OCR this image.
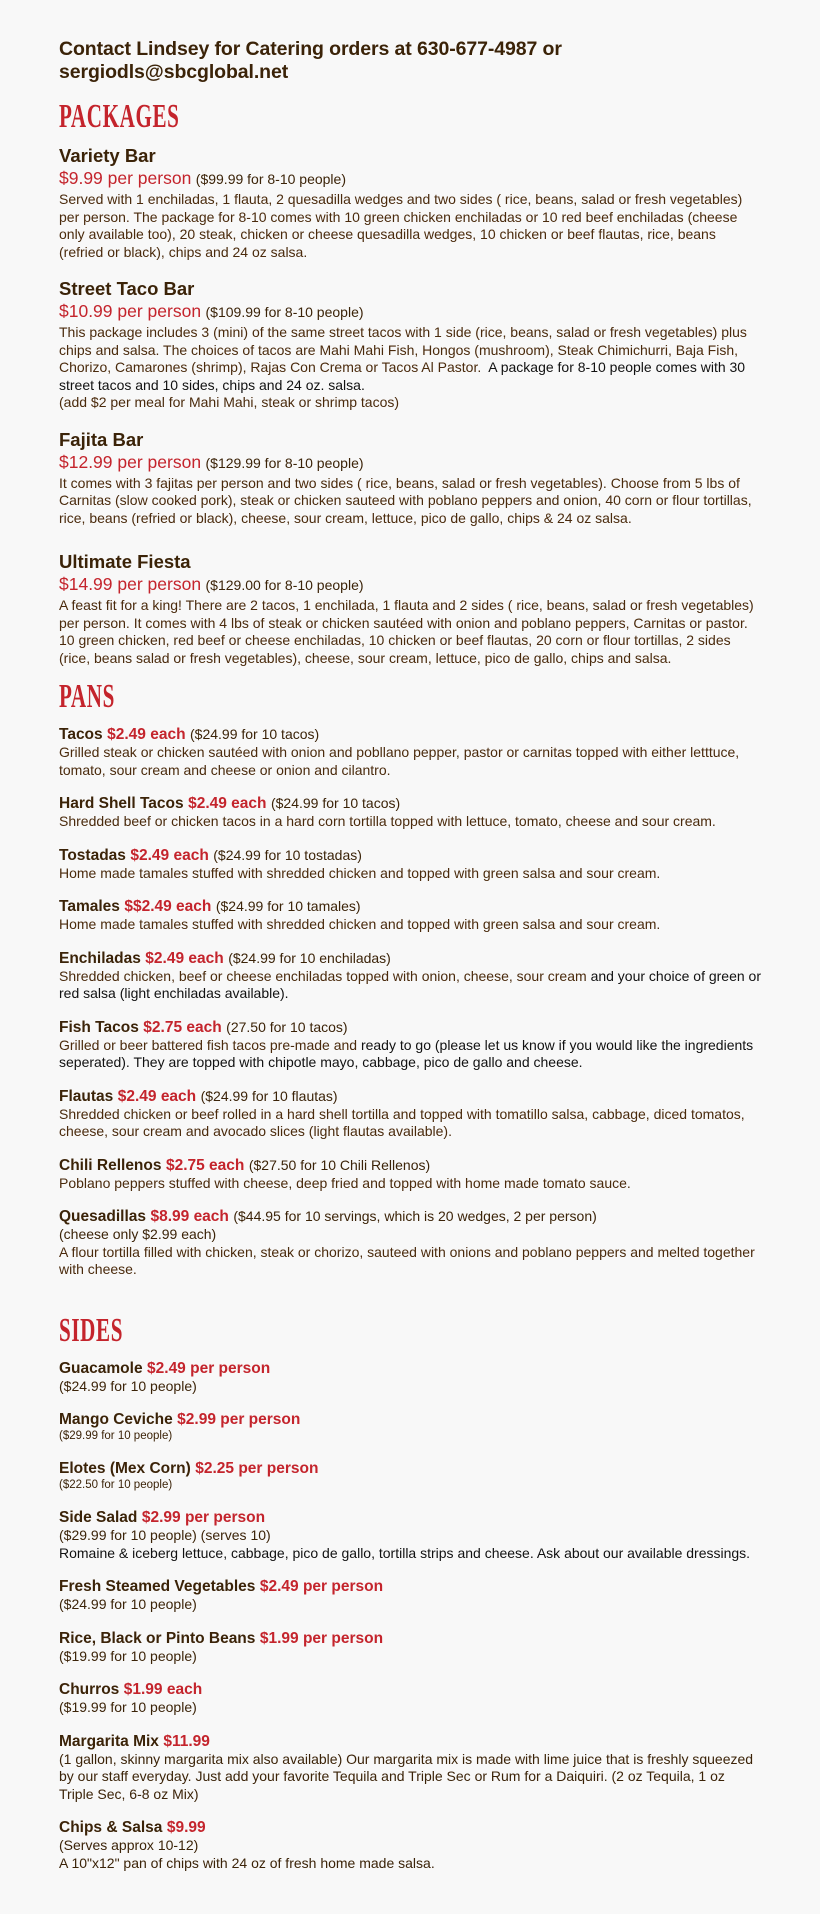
Contact Lindsey for Catering orders at 630-677-4987 or sergiodls@sbcglobal.net
PACKAGES
Variety Bar
$9.99 per person ($99.99 for 8-10 people)
Served with 1 enchiladas, 1 flauta, 2 quesadilla wedges and two sides ( rice, beans, salad or fresh vegetables) per person. The package for 8-10 comes with 10 green chicken enchiladas or 10 red beef enchiladas (cheese only available too), 20 steak, chicken or cheese quesadilla wedges, 10 chicken or beef flautas, rice, beans (refried or black), chips and 24 oz salsa.
Street Taco Bar
$10.99 per person ($109.99 for 8-10 people)
This package includes 3 (mini) of the same street tacos with 1 side (rice, beans, salad or fresh vegetables) plus chips and salsa. The choices of tacos are Mahi Mahi Fish, Hongos (mushroom), Steak Chimichurri, Baja Fish, Chorizo, Camarones (shrimp), Rajas Con Crema or Tacos Al Pastor. A package for 8-10 people comes with 30 street tacos and 10 sides, chips and 24 oz. salsa.
(add $2 per meal for Mahi Mahi, steak or shrimp tacos)
Fajita Bar
$12.99 per person ($129.99 for 8-10 people)
It comes with 3 fajitas per person and two sides ( rice, beans, salad or fresh vegetables). Choose from 5 lbs of Carnitas (slow cooked pork), steak or chicken sauteed with poblano peppers and onion, 40 corn or flour tortillas, rice, beans (refried or black), cheese, sour cream, lettuce, pico de gallo, chips & 24 oz salsa.
Ultimate Fiesta
$14.99 per person ($129.00 for 8-10 people)
A feast fit for a king! There are 2 tacos, 1 enchilada, 1 flauta and 2 sides ( rice, beans, salad or fresh vegetables) per person. It comes with 4 lbs of steak or chicken sautéed with onion and poblano peppers, Carnitas or pastor. 10 green chicken, red beef or cheese enchiladas, 10 chicken or beef flautas, 20 corn or flour tortillas, 2 sides (rice, beans salad or fresh vegetables), cheese, sour cream, lettuce, pico de gallo, chips and salsa.
PANS
Tacos $2.49 each ($24.99 for 10 tacos)
Grilled steak or chicken sautéed with onion and pobllano pepper, pastor or carnitas topped with either letttuce, tomato, sour cream and cheese or onion and cilantro.
Hard Shell Tacos $2.49 each ($24.99 for 10 tacos)
Shredded beef or chicken tacos in a hard corn tortilla topped with lettuce, tomato, cheese and sour cream.
Tostadas $2.49 each ($24.99 for 10 tostadas)
Home made tamales stuffed with shredded chicken and topped with green salsa and sour cream.
Tamales $$2.49 each ($24.99 for 10 tamales)
Home made tamales stuffed with shredded chicken and topped with green salsa and sour cream.
Enchiladas $2.49 each ($24.99 for 10 enchiladas)
Shredded chicken, beef or cheese enchiladas topped with onion, cheese, sour cream and your choice of green or red salsa (light enchiladas available).
Fish Tacos $2.75 each (27.50 for 10 tacos)
Grilled or beer battered fish tacos pre-made and ready to go (please let us know if you would like the ingredients seperated). They are topped with chipotle mayo, cabbage, pico de gallo and cheese.
Flautas $2.49 each ($24.99 for 10 flautas)
Shredded chicken or beef rolled in a hard shell tortilla and topped with tomatillo salsa, cabbage, diced tomatos, cheese, sour cream and avocado slices (light flautas available).
Chili Rellenos $2.75 each ($27.50 for 10 Chili Rellenos)
Poblano peppers stuffed with cheese, deep fried and topped with home made tomato sauce.
Quesadillas $8.99 each ($44.95 for 10 servings, which is 20 wedges, 2 per person)
(cheese only $2.99 each)
A flour tortilla filled with chicken, steak or chorizo, sauteed with onions and poblano peppers and melted together with cheese.
SIDES
Guacamole $2.49 per person
($24.99 for 10 people)
Mango Ceviche $2.99 per person
($29.99 for 10 people)
Elotes (Mex Corn) $2.25 per person
($22.50 for 10 people)
Side Salad $2.99 per person
($29.99 for 10 people) (serves 10)
Romaine & iceberg lettuce, cabbage, pico de gallo, tortilla strips and cheese. Ask about our available dressings.
Fresh Steamed Vegetables $2.49 per person
($24.99 for 10 people)
Rice, Black or Pinto Beans $1.99 per person
($19.99 for 10 people)
Churros $1.99 each
($19.99 for 10 people)
Margarita Mix $11.99
(1 gallon, skinny margarita mix also available) Our margarita mix is made with lime juice that is freshly squeezed by our staff everyday. Just add your favorite Tequila and Triple Sec or Rum for a Daiquiri. (2 oz Tequila, 1 oz Triple Sec, 6-8 oz Mix)
Chips & Salsa $9.99
(Serves approx 10-12)
A 10"x12" pan of chips with 24 oz of fresh home made salsa.
